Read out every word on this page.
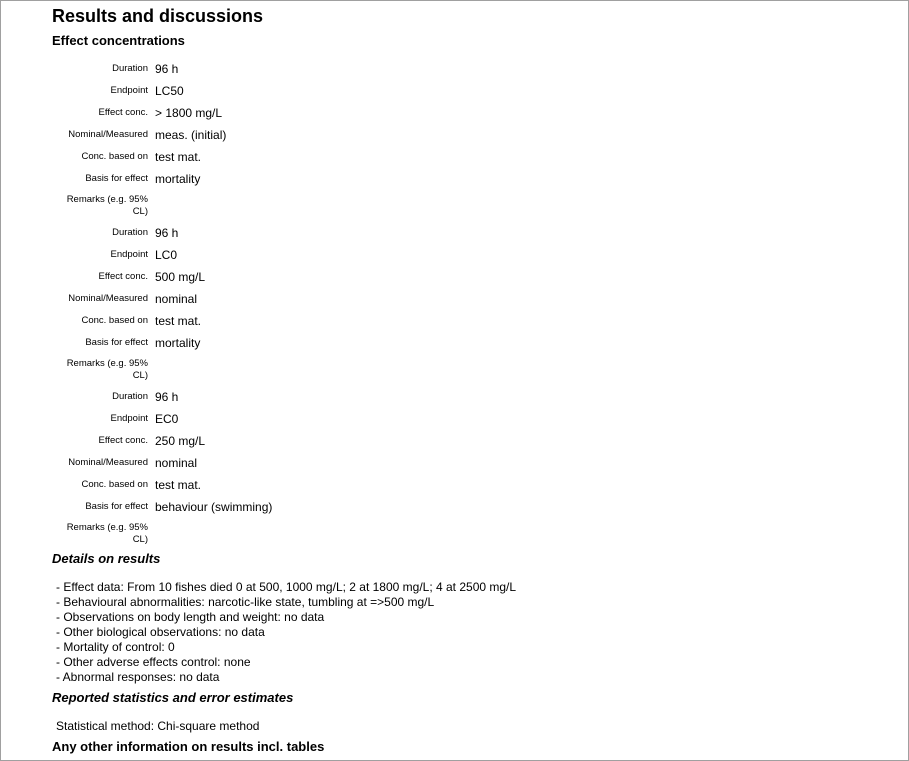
Results and discussions
Effect concentrations
Duration 96 h
Endpoint LC50
Effect conc. > 1800 mg/L
Nominal/Measured meas. (initial)
Conc. based on test mat.
Basis for effect mortality
Remarks (e.g. 95% CL)
Duration 96 h
Endpoint LC0
Effect conc. 500 mg/L
Nominal/Measured nominal
Conc. based on test mat.
Basis for effect mortality
Remarks (e.g. 95% CL)
Duration 96 h
Endpoint EC0
Effect conc. 250 mg/L
Nominal/Measured nominal
Conc. based on test mat.
Basis for effect behaviour (swimming)
Remarks (e.g. 95% CL)
Details on results
- Effect data: From 10 fishes died 0 at 500, 1000 mg/L; 2 at 1800 mg/L; 4 at 2500 mg/L
- Behavioural abnormalities: narcotic-like state, tumbling at =>500 mg/L
- Observations on body length and weight: no data
- Other biological observations: no data
- Mortality of control: 0
- Other adverse effects control: none
- Abnormal responses: no data
Reported statistics and error estimates
Statistical method: Chi-square method
Any other information on results incl. tables
